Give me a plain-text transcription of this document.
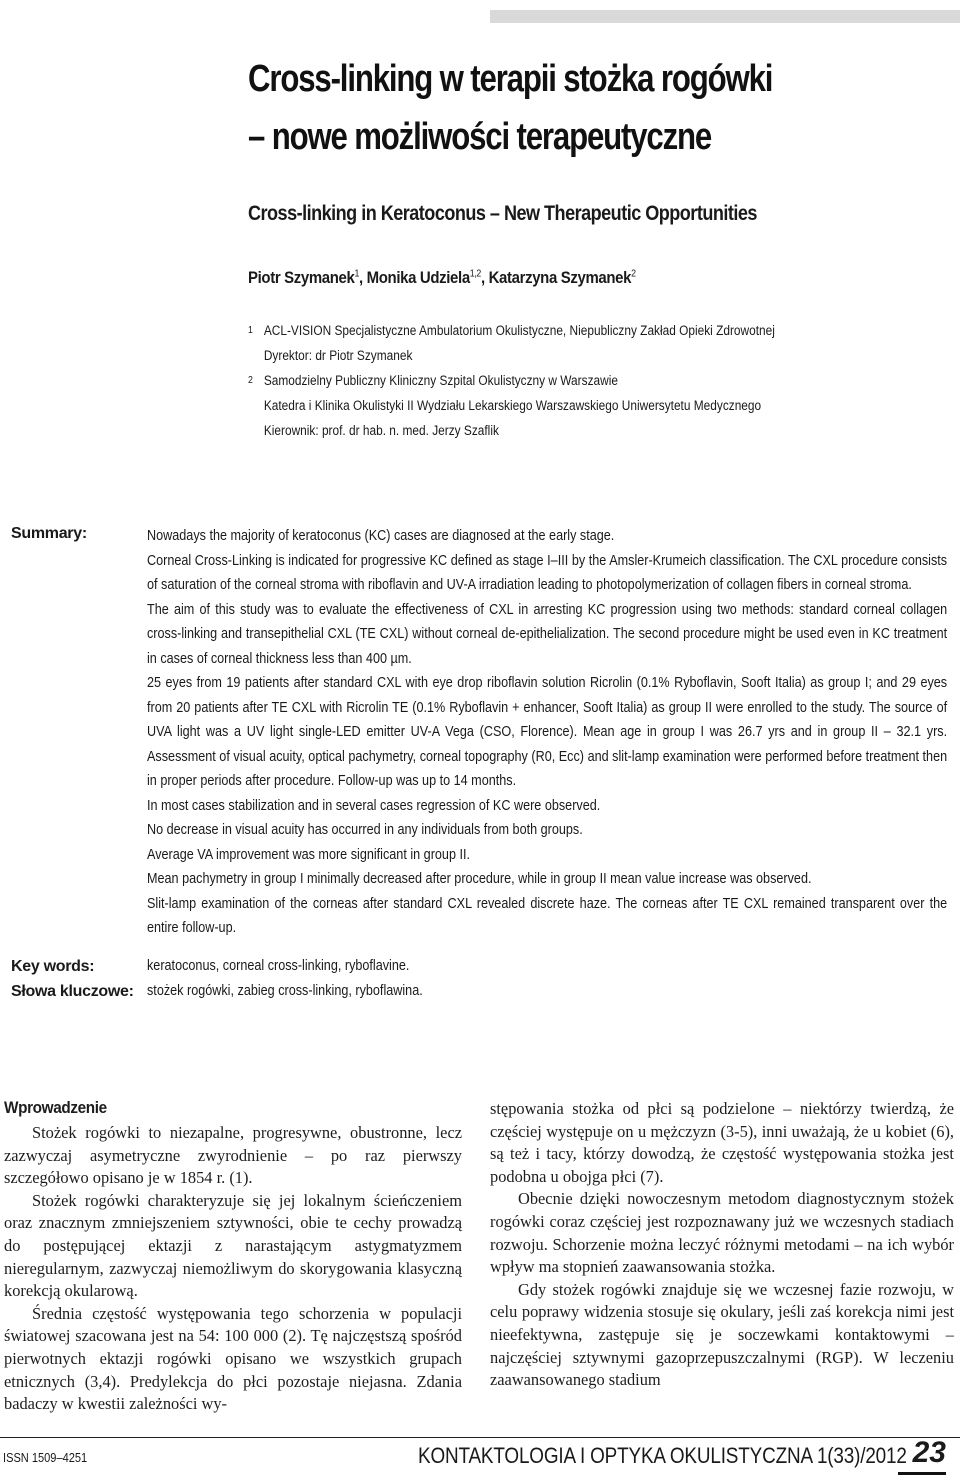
Cross-linking w terapii stożka rogówki
– nowe możliwości terapeutyczne
Cross-linking in Keratoconus – New Therapeutic Opportunities
Piotr Szymanek$^1$, Monika Udziela$^{1,2}$, Katarzyna Szymanek$^2$
1 ACL-VISION Specjalistyczne Ambulatorium Okulistyczne, Niepubliczny Zakład Opieki Zdrowotnej
Dyrektor: dr Piotr Szymanek
2 Samodzielny Publiczny Kliniczny Szpital Okulistyczny w Warszawie
Katedra i Klinika Okulistyki II Wydziału Lekarskiego Warszawskiego Uniwersytetu Medycznego
Kierownik: prof. dr hab. n. med. Jerzy Szaflik
Summary:	Nowadays the majority of keratoconus (KC) cases are diagnosed at the early stage.

Corneal Cross-Linking is indicated for progressive KC defined as stage I–III by the Amsler-Krumeich classification. The CXL procedure consists of saturation of the corneal stroma with riboflavin and UV-A irradiation leading to photopolymerization of collagen fibers in corneal stroma.

The aim of this study was to evaluate the effectiveness of CXL in arresting KC progression using two methods: standard corneal collagen cross-linking and transepithelial CXL (TE CXL) without corneal de-epithelialization. The second procedure might be used even in KC treatment in cases of corneal thickness less than 400 µm.

25 eyes from 19 patients after standard CXL with eye drop riboflavin solution Ricrolin (0.1% Ryboflavin, Sooft Italia) as group I; and 29 eyes from 20 patients after TE CXL with Ricrolin TE (0.1% Ryboflavin + enhancer, Sooft Italia) as group II were enrolled to the study. The source of UVA light was a UV light single-LED emitter UV-A Vega (CSO, Florence). Mean age in group I was 26.7 yrs and in group II – 32.1 yrs. Assessment of visual acuity, optical pachymetry, corneal topography (R0, Ecc) and slit-lamp examination were performed before treatment then in proper periods after procedure. Follow-up was up to 14 months.

In most cases stabilization and in several cases regression of KC were observed.

No decrease in visual acuity has occurred in any individuals from both groups.

Average VA improvement was more significant in group II.

Mean pachymetry in group I minimally decreased after procedure, while in group II mean value increase was observed.

Slit-lamp examination of the corneas after standard CXL revealed discrete haze. The corneas after TE CXL remained transparent over the entire follow-up.

Key words:	keratoconus, corneal cross-linking, ryboflavine.
Słowa kluczowe: stożek rogówki, zabieg cross-linking, ryboflawina.
Wprowadzenie

Stożek rogówki to niezapalne, progresywne, obustronne, lecz zazwyczaj asymetryczne zwyrodnienie – po raz pierwszy szczegółowo opisano je w 1854 r. (1).

Stożek rogówki charakteryzuje się jej lokalnym ścieńczeniem oraz znacznym zmniejszeniem sztywności, obie te cechy prowadzą do postępującej ektazji z narastającym astygmatyzmem nieregularnym, zazwyczaj niemożliwym do skorygowania klasyczną korekcją okularową.

Średnia częstość występowania tego schorzenia w populacji światowej szacowana jest na 54: 100 000 (2). Tę najczęstszą spośród pierwotnych ektazji rogówki opisano we wszystkich grupach etnicznych (3,4). Predylekcja do płci pozostaje niejasna. Zdania badaczy w kwestii zależności wy-

stępowania stożka od płci są podzielone – niektórzy twierdzą, że częściej występuje on u mężczyzn (3-5), inni uważają, że u kobiet (6), są też i tacy, którzy dowodzą, że częstość występowania stożka jest podobna u obojga płci (7).

Obecnie dzięki nowoczesnym metodom diagnostycznym stożek rogówki coraz częściej jest rozpoznawany już we wczesnych stadiach rozwoju. Schorzenie można leczyć różnymi metodami – na ich wybór wpływ ma stopnień zaawansowania stożka.

Gdy stożek rogówki znajduje się we wczesnej fazie rozwoju, w celu poprawy widzenia stosuje się okulary, jeśli zaś korekcja nimi jest nieefektywna, zastępuje się je soczewkami kontaktowymi – najczęściej sztywnymi gazoprzepuszczalnymi (RGP). W leczeniu zaawansowanego stadium

ISSN 1509–4251	KONTAKTOLOGIA I OPTYKA OKULISTYCZNA 1(33)/2012 23
